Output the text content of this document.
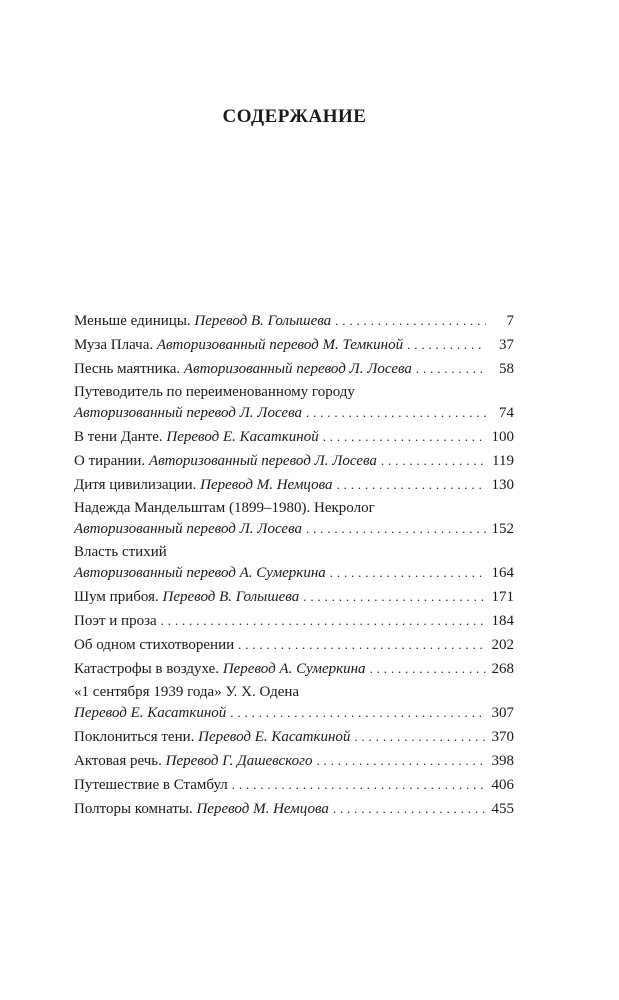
СОДЕРЖАНИЕ
Меньше единицы. Перевод В. Голышева . . .	7
Муза Плача. Авторизованный перевод М. Темкиной . . .	37
Песнь маятника. Авторизованный перевод Л. Лосева . . .	58
Путеводитель по переименованному городу
Авторизованный перевод Л. Лосева . . .	74
В тени Данте. Перевод Е. Касаткиной . . .	100
О тирании. Авторизованный перевод Л. Лосева . . .	119
Дитя цивилизации. Перевод М. Немцова . . .	130
Надежда Мандельштам (1899–1980). Некролог
Авторизованный перевод Л. Лосева . . .	152
Власть стихий
Авторизованный перевод А. Сумеркина . . .	164
Шум прибоя. Перевод В. Голышева . . .	171
Поэт и проза . . .	184
Об одном стихотворении . . .	202
Катастрофы в воздухе. Перевод А. Сумеркина . . .	268
«1 сентября 1939 года» У. Х. Одена
Перевод Е. Касаткиной . . .	307
Поклониться тени. Перевод Е. Касаткиной . . .	370
Актовая речь. Перевод Г. Дашевского . . .	398
Путешествие в Стамбул . . .	406
Полторы комнаты. Перевод М. Немцова . . .	455
